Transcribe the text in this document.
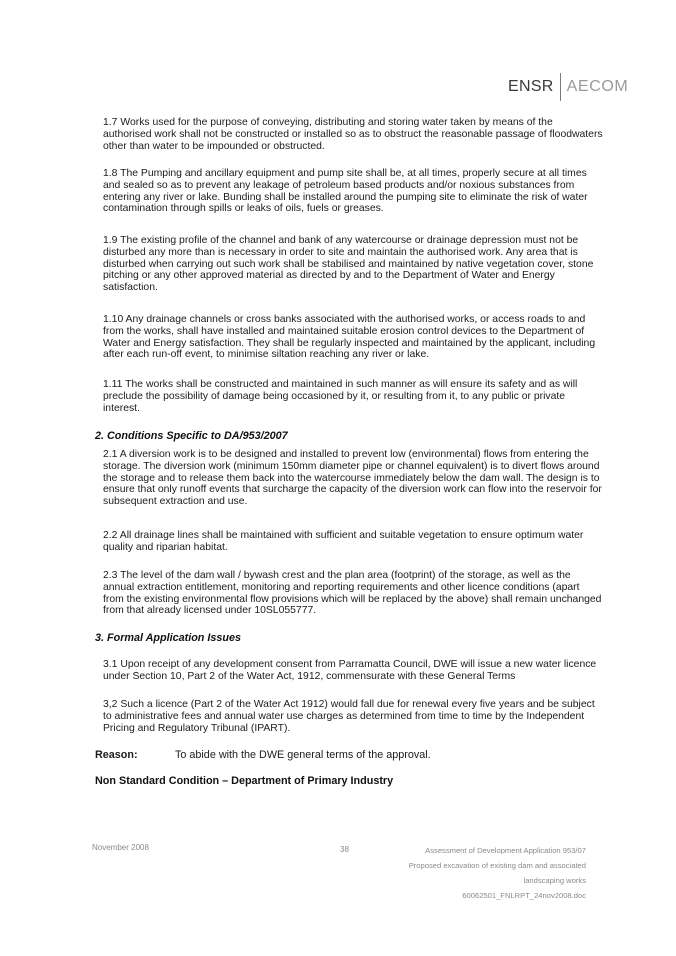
ENSR AECOM

1.7 Works used for the purpose of conveying, distributing and storing water taken by means of the authorised work shall not be constructed or installed so as to obstruct the reasonable passage of floodwaters other than water to be impounded or obstructed.

1.8 The Pumping and ancillary equipment and pump site shall be, at all times, properly secure at all times and sealed so as to prevent any leakage of petroleum based products and/or noxious substances from entering any river or lake. Bunding shall be installed around the pumping site to eliminate the risk of water contamination through spills or leaks of oils, fuels or greases.

1.9 The existing profile of the channel and bank of any watercourse or drainage depression must not be disturbed any more than is necessary in order to site and maintain the authorised work. Any area that is disturbed when carrying out such work shall be stabilised and maintained by native vegetation cover, stone pitching or any other approved material as directed by and to the Department of Water and Energy satisfaction.

1.10 Any drainage channels or cross banks associated with the authorised works, or access roads to and from the works, shall have installed and maintained suitable erosion control devices to the Department of Water and Energy satisfaction. They shall be regularly inspected and maintained by the applicant, including after each run-off event, to minimise siltation reaching any river or lake.

1.11 The works shall be constructed and maintained in such manner as will ensure its safety and as will preclude the possibility of damage being occasioned by it, or resulting from it, to any public or private interest.

2. Conditions Specific to DA/953/2007

2.1 A diversion work is to be designed and installed to prevent low (environmental) flows from entering the storage. The diversion work (minimum 150mm diameter pipe or channel equivalent) is to divert flows around the storage and to release them back into the watercourse immediately below the dam wall. The design is to ensure that only runoff events that surcharge the capacity of the diversion work can flow into the reservoir for subsequent extraction and use.

2.2 All drainage lines shall be maintained with sufficient and suitable vegetation to ensure optimum water quality and riparian habitat.

2.3 The level of the dam wall / bywash crest and the plan area (footprint) of the storage, as well as the annual extraction entitlement, monitoring and reporting requirements and other licence conditions (apart from the existing environmental flow provisions which will be replaced by the above) shall remain unchanged from that already licensed under 10SL055777.

3. Formal Application Issues

3.1 Upon receipt of any development consent from Parramatta Council, DWE will issue a new water licence under Section 10, Part 2 of the Water Act, 1912, commensurate with these General Terms

3,2 Such a licence (Part 2 of the Water Act 1912) would fall due for renewal every five years and be subject to administrative fees and annual water use charges as determined from time to time by the Independent Pricing and Regulatory Tribunal (IPART).

Reason:	To abide with the DWE general terms of the approval.

Non Standard Condition – Department of Primary Industry

November 2008	38	Assessment of Development Application 953/07
Proposed excavation of existing dam and associated
landscaping works
60062501_FNLRPT_24nov2008.doc
